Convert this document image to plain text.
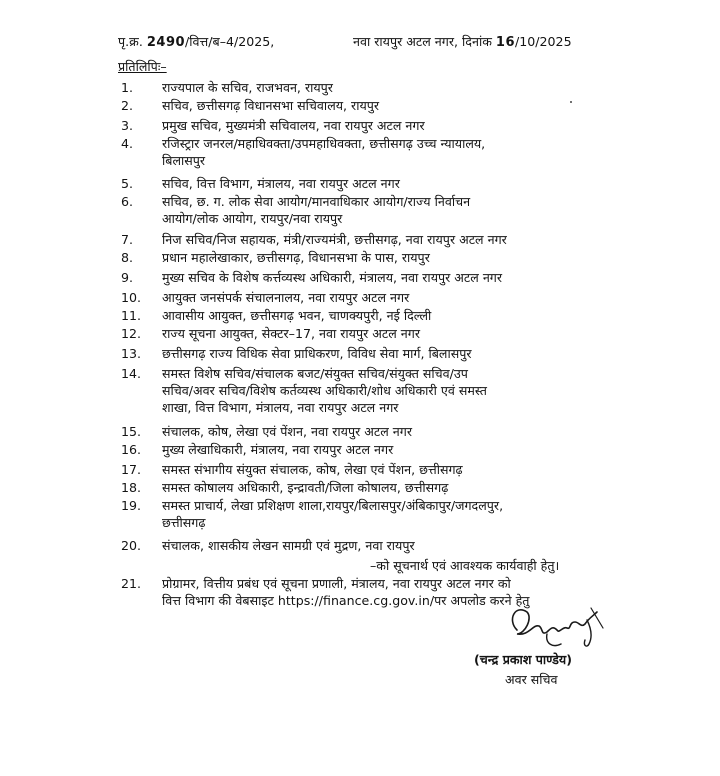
पृ.क्र. 2490/वित्त/ब–4/2025,	नवा रायपुर अटल नगर, दिनांक 16/10/2025
प्रतिलिपिः–
1.	राज्यपाल के सचिव, राजभवन, रायपुर
2.	सचिव, छत्तीसगढ़ विधानसभा सचिवालय, रायपुर
3.	प्रमुख सचिव, मुख्यमंत्री सचिवालय, नवा रायपुर अटल नगर
4.	रजिस्ट्रार जनरल/महाधिवक्ता/उपमहाधिवक्ता, छत्तीसगढ़ उच्च न्यायालय,
बिलासपुर
5.	सचिव, वित्त विभाग, मंत्रालय, नवा रायपुर अटल नगर
6.	सचिव, छ. ग. लोक सेवा आयोग/मानवाधिकार आयोग/राज्य निर्वाचन
आयोग/लोक आयोग, रायपुर/नवा रायपुर
7.	निज सचिव/निज सहायक, मंत्री/राज्यमंत्री, छत्तीसगढ़, नवा रायपुर अटल नगर
8.	प्रधान महालेखाकार, छत्तीसगढ़, विधानसभा के पास, रायपुर
9.	मुख्य सचिव के विशेष कर्त्तव्यस्थ अधिकारी, मंत्रालय, नवा रायपुर अटल नगर
10.	आयुक्त जनसंपर्क संचालनालय, नवा रायपुर अटल नगर
11.	आवासीय आयुक्त, छत्तीसगढ़ भवन, चाणक्यपुरी, नई दिल्ली
12.	राज्य सूचना आयुक्त, सेक्टर–17, नवा रायपुर अटल नगर
13.	छत्तीसगढ़ राज्य विधिक सेवा प्राधिकरण, विविध सेवा मार्ग, बिलासपुर
14.	समस्त विशेष सचिव/संचालक बजट/संयुक्त सचिव/संयुक्त सचिव/उप
सचिव/अवर सचिव/विशेष कर्तव्यस्थ अधिकारी/शोध अधिकारी एवं समस्त
शाखा, वित्त विभाग, मंत्रालय, नवा रायपुर अटल नगर
15.	संचालक, कोष, लेखा एवं पेंशन, नवा रायपुर अटल नगर
16.	मुख्य लेखाधिकारी, मंत्रालय, नवा रायपुर अटल नगर
17.	समस्त संभागीय संयुक्त संचालक, कोष, लेखा एवं पेंशन, छत्तीसगढ़
18.	समस्त कोषालय अधिकारी, इन्द्रावती/जिला कोषालय, छत्तीसगढ़
19.	समस्त प्राचार्य, लेखा प्रशिक्षण शाला,रायपुर/बिलासपुर/अंबिकापुर/जगदलपुर,
छत्तीसगढ़
20.	संचालक, शासकीय लेखन सामग्री एवं मुद्रण, नवा रायपुर
21.	प्रोग्रामर, वित्तीय प्रबंध एवं सूचना प्रणाली, मंत्रालय, नवा रायपुर अटल नगर को
वित्त विभाग की वेबसाइट https://finance.cg.gov.in/पर अपलोड करने हेतु
–को सूचनार्थ एवं आवश्यक कार्यवाही हेतु।
(चन्द्र प्रकाश पाण्डेय)
अवर सचिव
